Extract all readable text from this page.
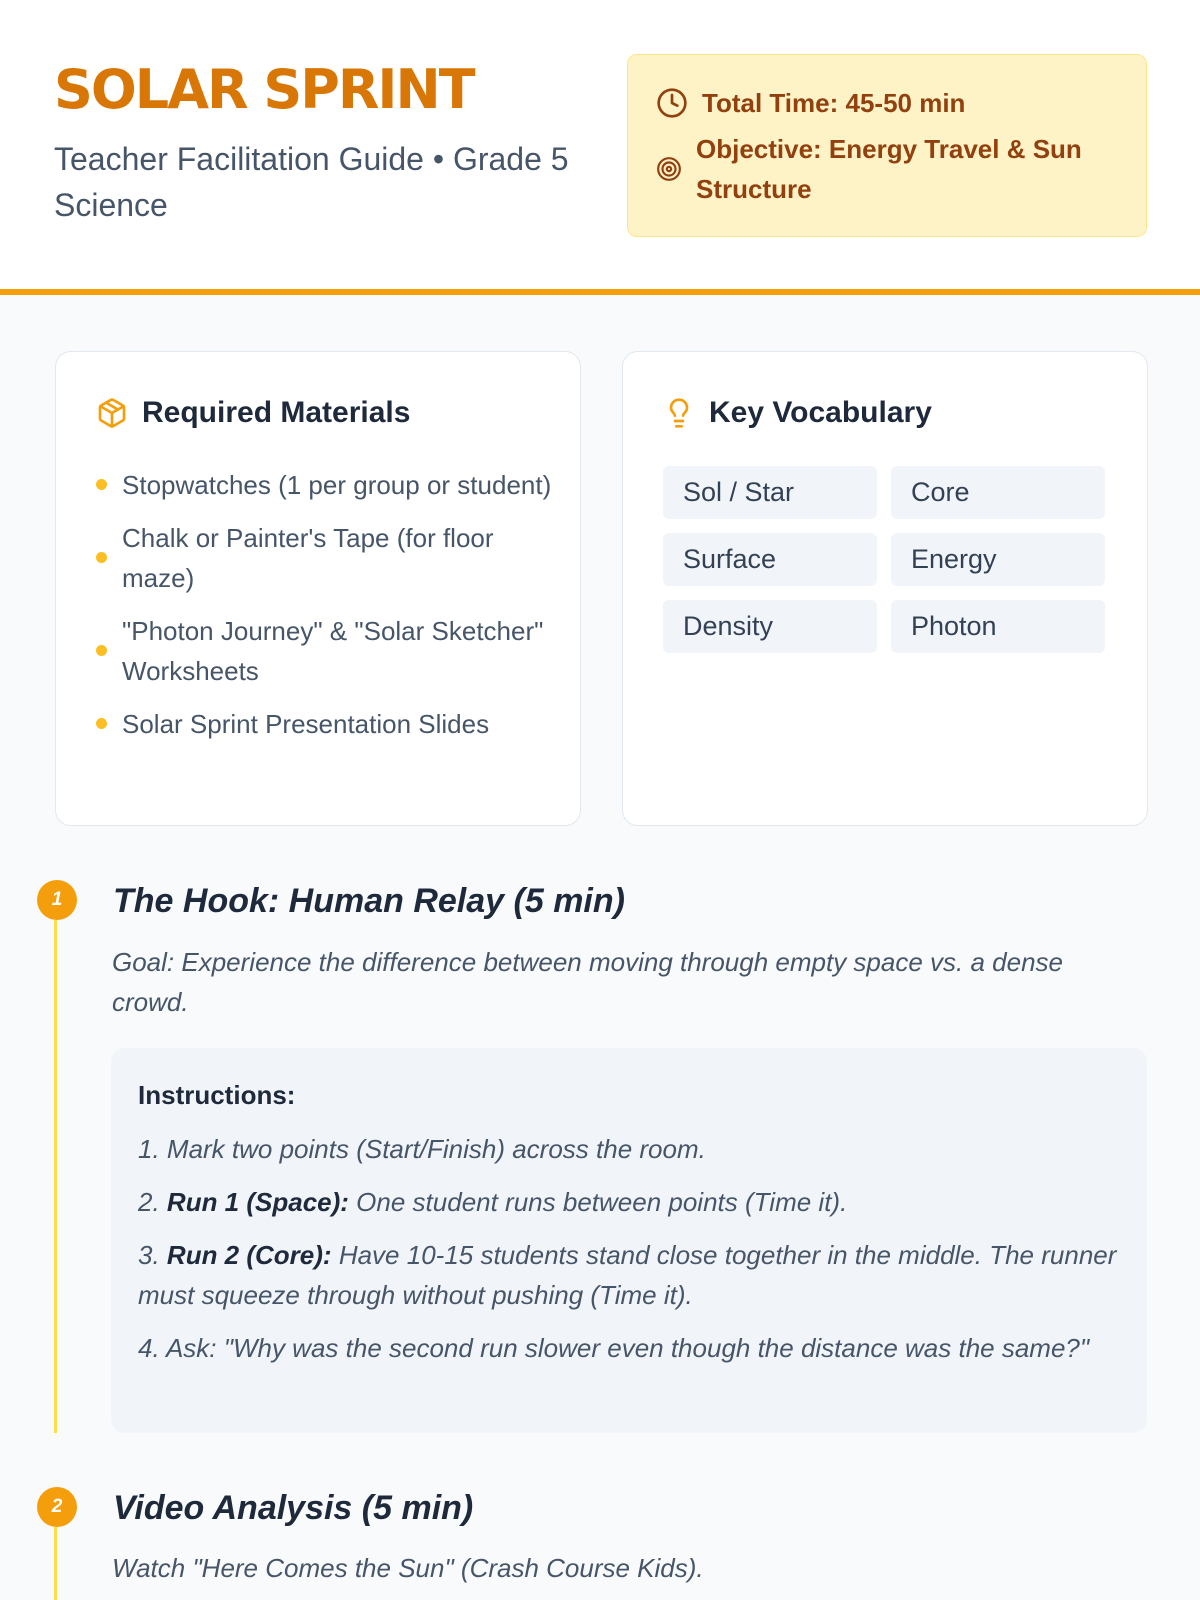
SOLAR SPRINT
Teacher Facilitation Guide • Grade 5 Science
Total Time: 45-50 min
Objective: Energy Travel & Sun Structure
Required Materials
Stopwatches (1 per group or student)
Chalk or Painter's Tape (for floor maze)
"Photon Journey" & "Solar Sketcher" Worksheets
Solar Sprint Presentation Slides
Key Vocabulary
Sol / Star	Core
Surface	Energy
Density	Photon
1	The Hook: Human Relay (5 min)
Goal: Experience the difference between moving through empty space vs. a dense crowd.
Instructions:
1. Mark two points (Start/Finish) across the room.
2. Run 1 (Space): One student runs between points (Time it).
3. Run 2 (Core): Have 10-15 students stand close together in the middle. The runner must squeeze through without pushing (Time it).
4. Ask: "Why was the second run slower even though the distance was the same?"
2	Video Analysis (5 min)
Watch "Here Comes the Sun" (Crash Course Kids).
